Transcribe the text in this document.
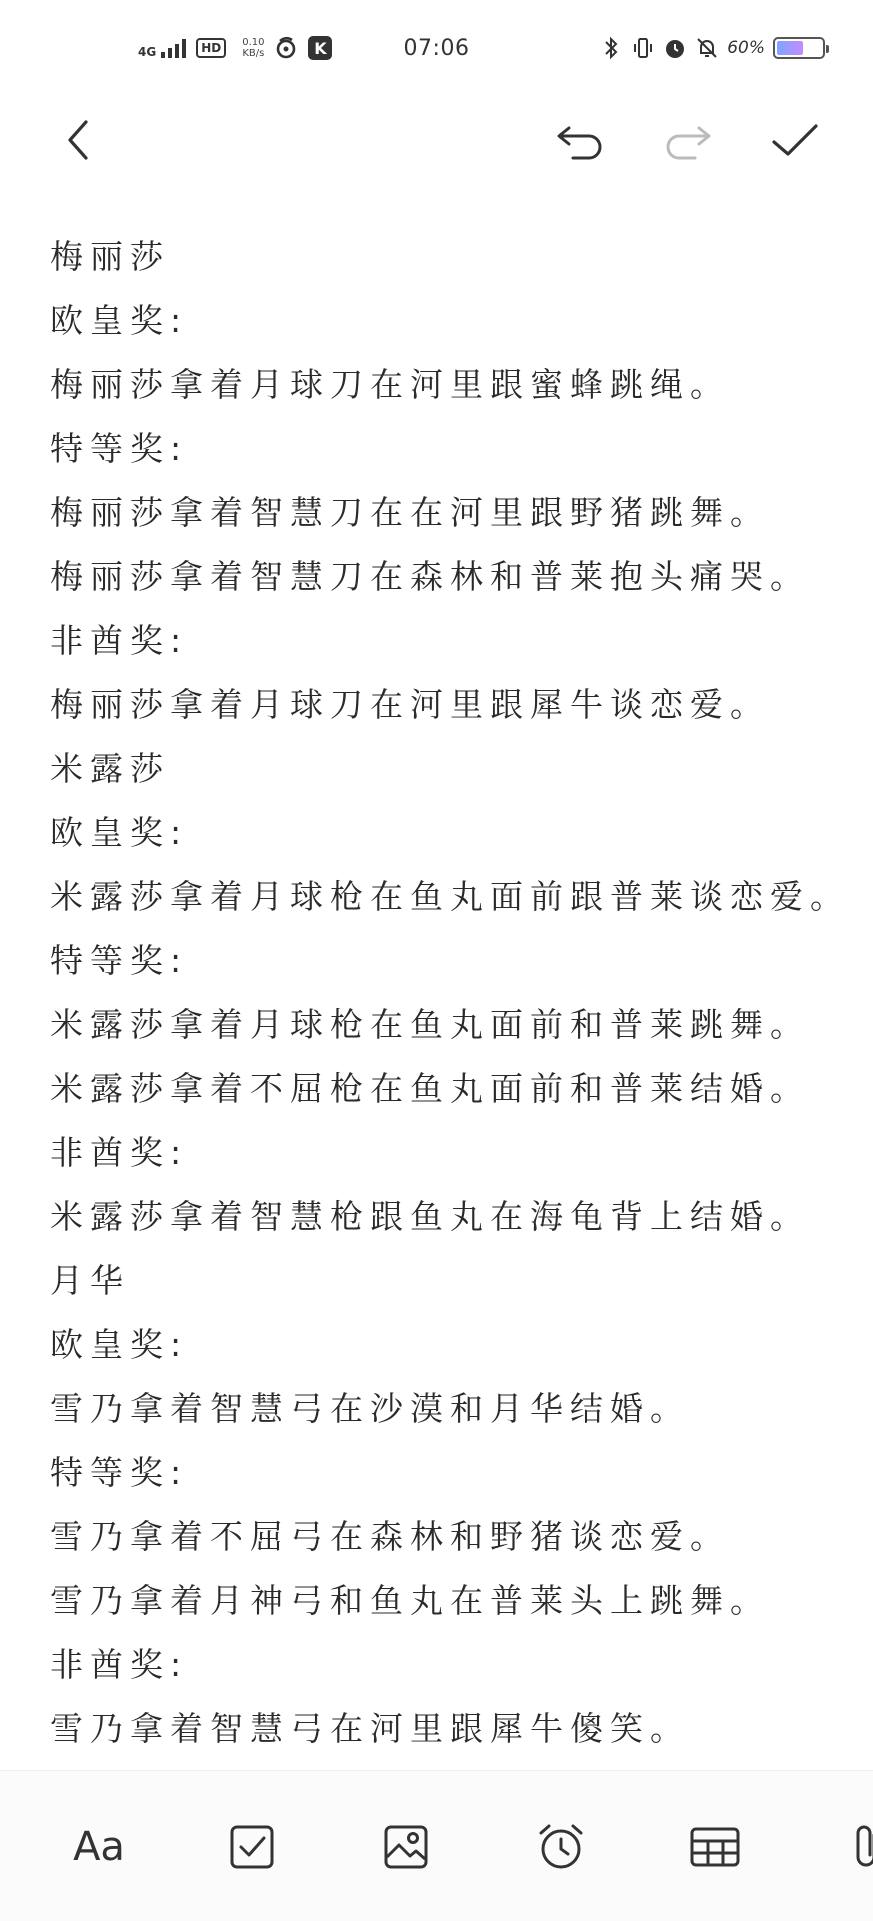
4G	HD	0.10
KB/s	K	07:06	60%
梅丽莎
欧皇奖:
梅丽莎拿着月球刀在河里跟蜜蜂跳绳。
特等奖:
梅丽莎拿着智慧刀在在河里跟野猪跳舞。
梅丽莎拿着智慧刀在森林和普莱抱头痛哭。
非酋奖:
梅丽莎拿着月球刀在河里跟犀牛谈恋爱。
米露莎
欧皇奖:
米露莎拿着月球枪在鱼丸面前跟普莱谈恋爱。
特等奖:
米露莎拿着月球枪在鱼丸面前和普莱跳舞。
米露莎拿着不屈枪在鱼丸面前和普莱结婚。
非酋奖:
米露莎拿着智慧枪跟鱼丸在海龟背上结婚。
月华
欧皇奖:
雪乃拿着智慧弓在沙漠和月华结婚。
特等奖:
雪乃拿着不屈弓在森林和野猪谈恋爱。
雪乃拿着月神弓和鱼丸在普莱头上跳舞。
非酋奖:
雪乃拿着智慧弓在河里跟犀牛傻笑。
Aa
